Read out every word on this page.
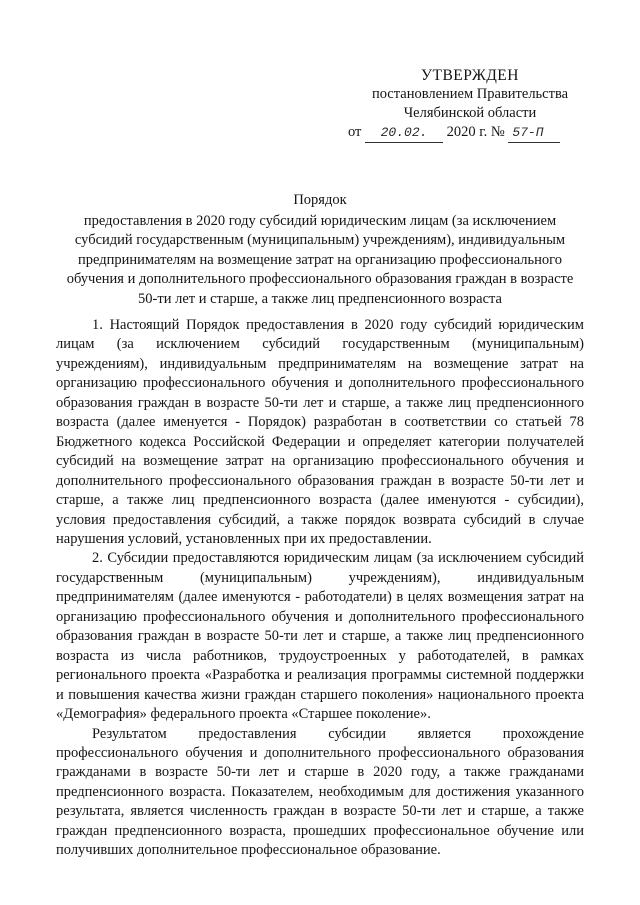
УТВЕРЖДЕН
постановлением Правительства
Челябинской области
от 20.02. 2020 г. № 57-П
Порядок
предоставления в 2020 году субсидий юридическим лицам (за исключением субсидий государственным (муниципальным) учреждениям), индивидуальным предпринимателям на возмещение затрат на организацию профессионального обучения и дополнительного профессионального образования граждан в возрасте 50-ти лет и старше, а также лиц предпенсионного возраста

1. Настоящий Порядок предоставления в 2020 году субсидий юридическим лицам (за исключением субсидий государственным (муниципальным) учреждениям), индивидуальным предпринимателям на возмещение затрат на организацию профессионального обучения и дополнительного профессионального образования граждан в возрасте 50-ти лет и старше, а также лиц предпенсионного возраста (далее именуется - Порядок) разработан в соответствии со статьей 78 Бюджетного кодекса Российской Федерации и определяет категории получателей субсидий на возмещение затрат на организацию профессионального обучения и дополнительного профессионального образования граждан в возрасте 50-ти лет и старше, а также лиц предпенсионного возраста (далее именуются - субсидии), условия предоставления субсидий, а также порядок возврата субсидий в случае нарушения условий, установленных при их предоставлении.

2. Субсидии предоставляются юридическим лицам (за исключением субсидий государственным (муниципальным) учреждениям), индивидуальным предпринимателям (далее именуются - работодатели) в целях возмещения затрат на организацию профессионального обучения и дополнительного профессионального образования граждан в возрасте 50-ти лет и старше, а также лиц предпенсионного возраста из числа работников, трудоустроенных у работодателей, в рамках регионального проекта «Разработка и реализация программы системной поддержки и повышения качества жизни граждан старшего поколения» национального проекта «Демография» федерального проекта «Старшее поколение».

Результатом предоставления субсидии является прохождение профессионального обучения и дополнительного профессионального образования гражданами в возрасте 50-ти лет и старше в 2020 году, а также гражданами предпенсионного возраста. Показателем, необходимым для достижения указанного результата, является численность граждан в возрасте 50-ти лет и старше, а также граждан предпенсионного возраста, прошедших профессиональное обучение или получивших дополнительное профессиональное образование.
